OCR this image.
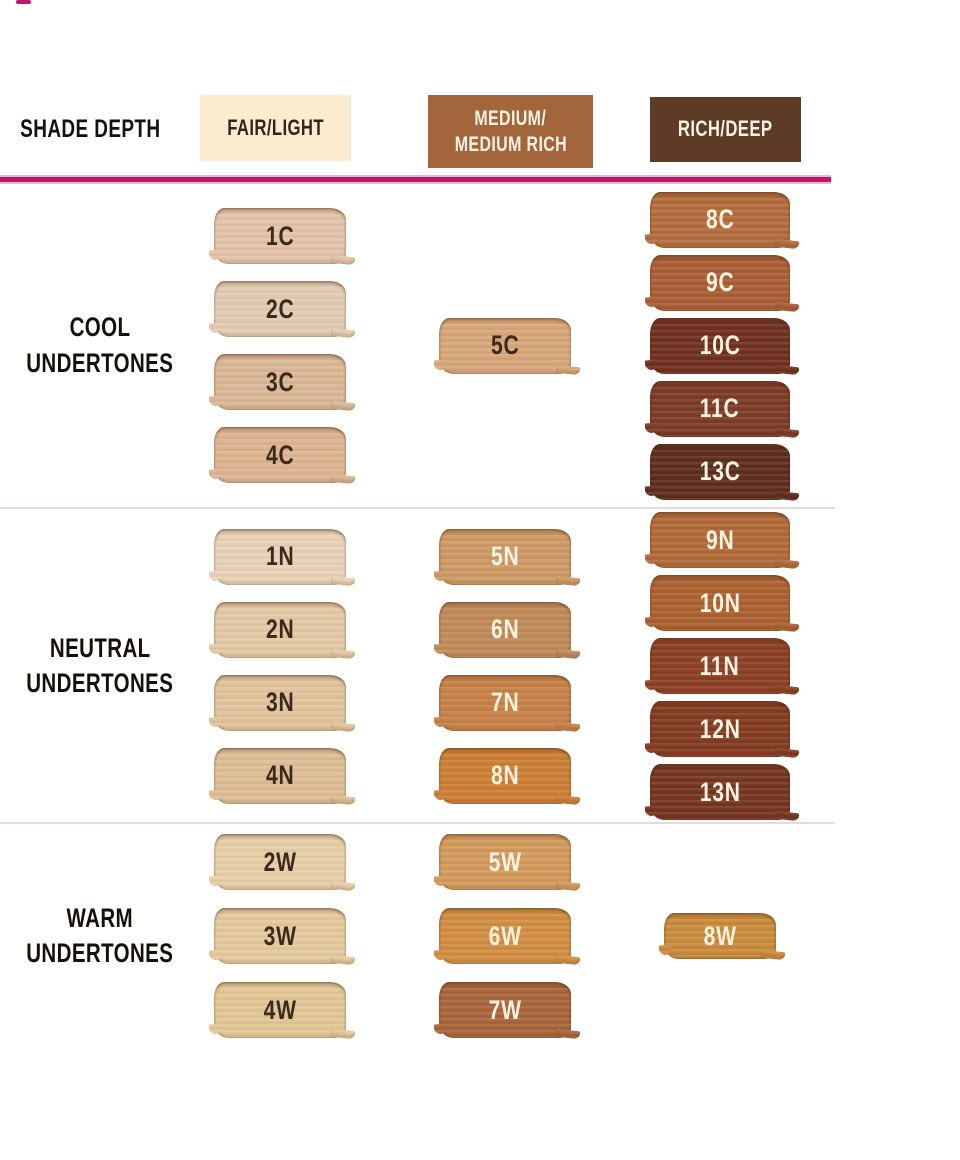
SHADE DEPTH	FAIR/LIGHT	MEDIUM/
MEDIUM RICH
RICH/DEEP
COOL
UNDERTONES
1C
2C
3C
4C
5C
8C
9C
10C
11C
13C
NEUTRAL
UNDERTONES
1N
2N
3N
4N
5N
6N
7N
8N
9N
10N
11N
12N
13N
WARM
UNDERTONES
2W
3W
4W
5W
6W
7W
8W
